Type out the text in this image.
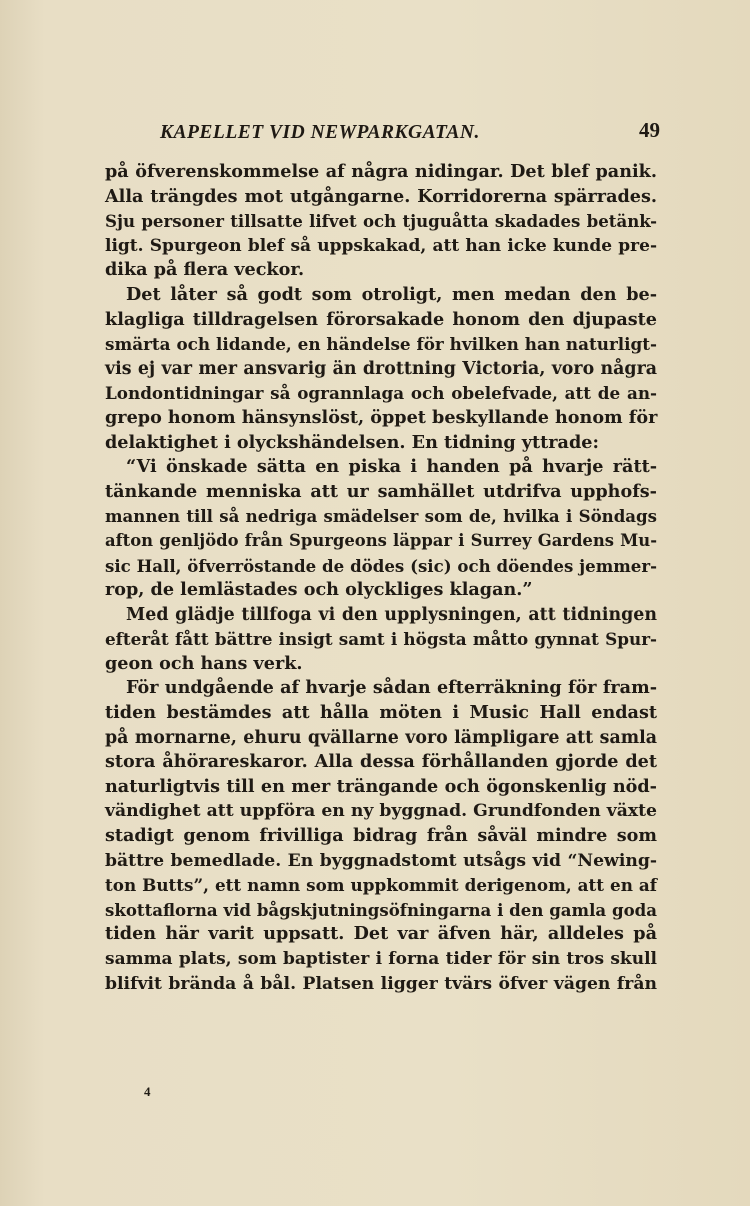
KAPELLET VID NEWPARKGATAN.	49
på öfverenskommelse af några nidingar. Det blef panik.
Alla trängdes mot utgångarne. Korridorerna spärrades.
Sju personer tillsatte lifvet och tjuguåtta skadades betänk-
ligt. Spurgeon blef så uppskakad, att han icke kunde pre-
dika på flera veckor.
Det låter så godt som otroligt, men medan den be-
klagliga tilldragelsen förorsakade honom den djupaste
smärta och lidande, en händelse för hvilken han naturligt-
vis ej var mer ansvarig än drottning Victoria, voro några
Londontidningar så ogrannlaga och obelefvade, att de an-
grepo honom hänsynslöst, öppet beskyllande honom för
delaktighet i olyckshändelsen. En tidning yttrade:
“Vi önskade sätta en piska i handen på hvarje rätt-
tänkande menniska att ur samhället utdrifva upphofs-
mannen till så nedriga smädelser som de, hvilka i Söndags
afton genljödo från Spurgeons läppar i Surrey Gardens Mu-
sic Hall, öfverröstande de dödes (sic) och döendes jemmer-
rop, de lemlästades och olyckliges klagan.”
Med glädje tillfoga vi den upplysningen, att tidningen
efteråt fått bättre insigt samt i högsta måtto gynnat Spur-
geon och hans verk.
För undgående af hvarje sådan efterräkning för fram-
tiden bestämdes att hålla möten i Music Hall endast
på mornarne, ehuru qvällarne voro lämpligare att samla
stora åhörareskaror. Alla dessa förhållanden gjorde det
naturligtvis till en mer trängande och ögonskenlig nöd-
vändighet att uppföra en ny byggnad. Grundfonden växte
stadigt genom frivilliga bidrag från såväl mindre som
bättre bemedlade. En byggnadstomt utsågs vid “Newing-
ton Butts”, ett namn som uppkommit derigenom, att en af
skottaflorna vid bågskjutningsöfningarna i den gamla goda
tiden här varit uppsatt. Det var äfven här, alldeles på
samma plats, som baptister i forna tider för sin tros skull
blifvit brända å bål. Platsen ligger tvärs öfver vägen från
4
